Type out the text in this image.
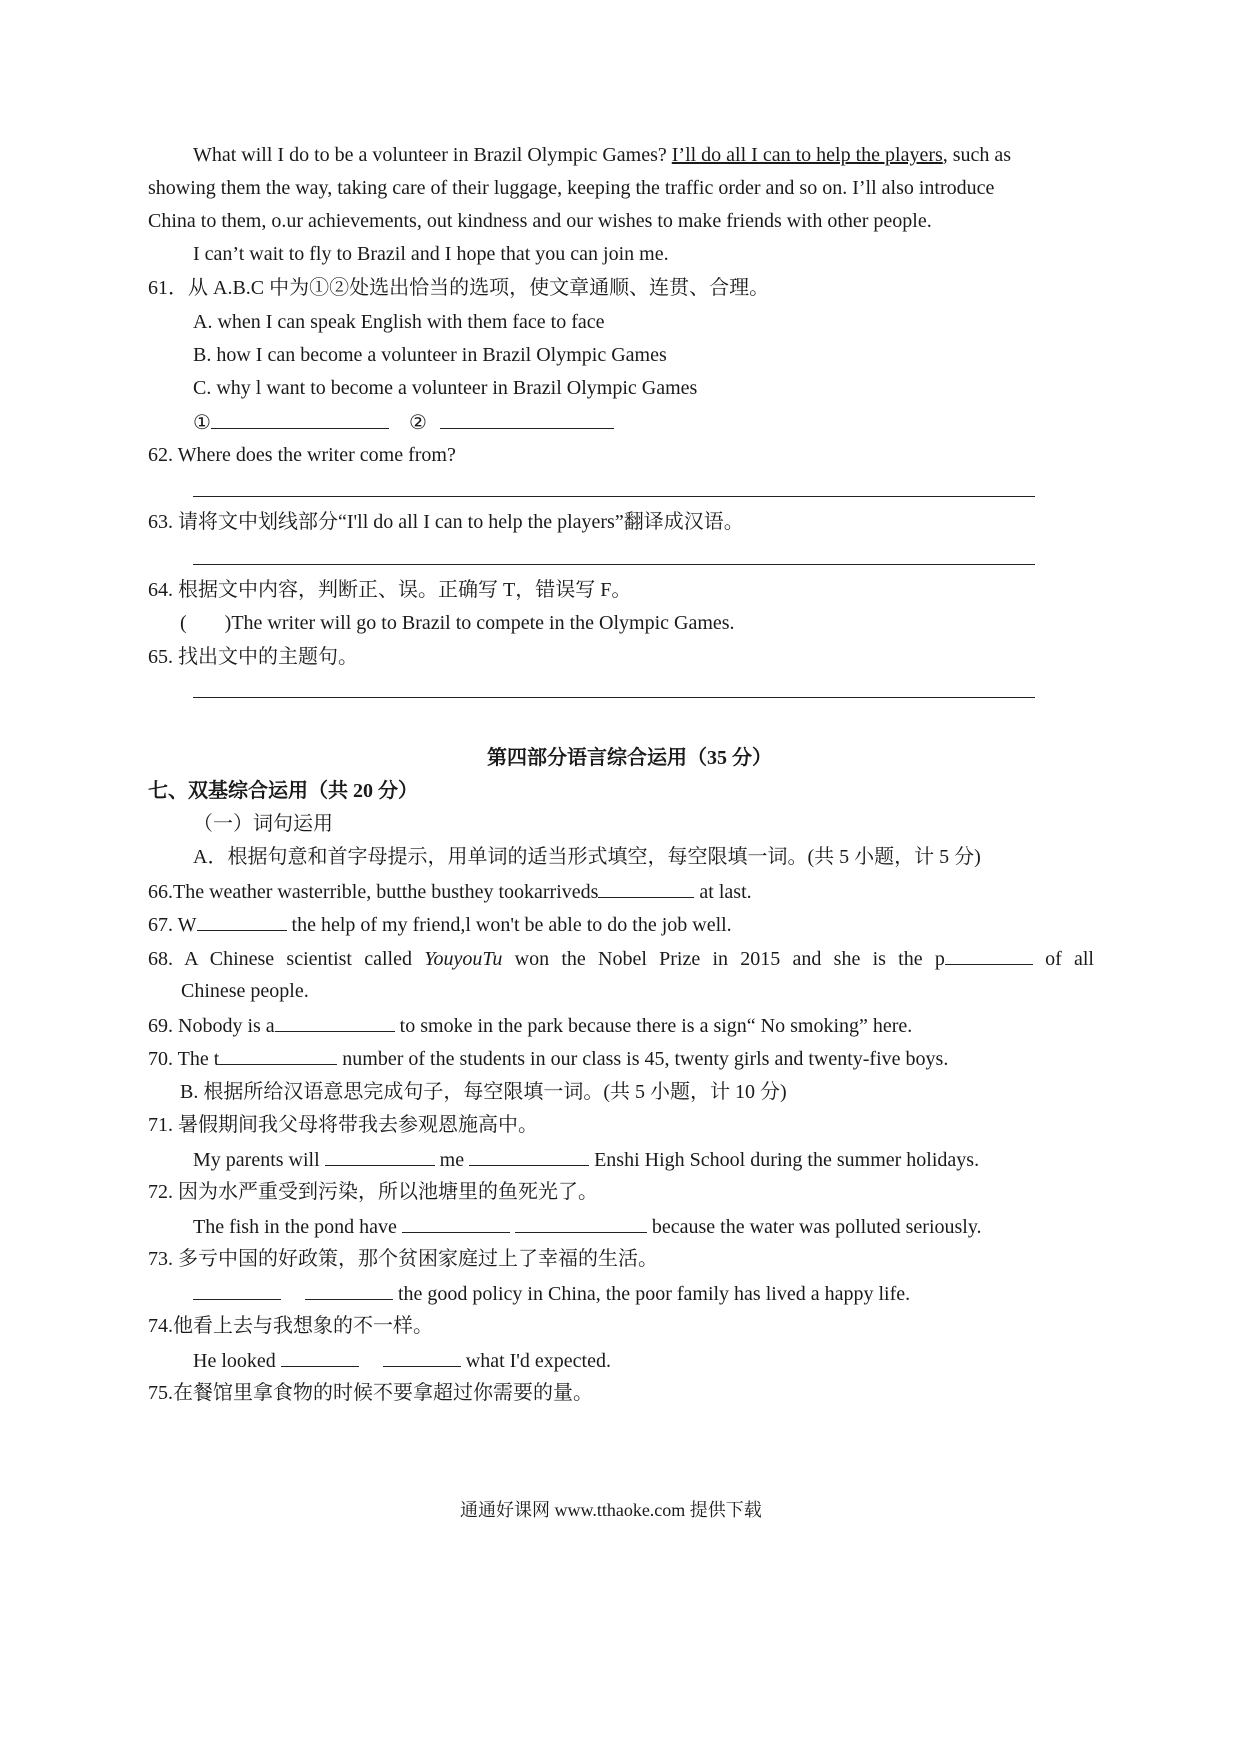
What will I do to be a volunteer in Brazil Olympic Games? I’ll do all I can to help the players, such as
showing them the way, taking care of their luggage, keeping the traffic order and so on. I’ll also introduce
China to them, o.ur achievements, out kindness and our wishes to make friends with other people.
I can’t wait to fly to Brazil and I hope that you can join me.
61．从 A.B.C 中为①②处选出恰当的选项，使文章通顺、连贯、合理。
A. when I can speak English with them face to face
B. how I can become a volunteer in Brazil Olympic Games
C. why l want to become a volunteer in Brazil Olympic Games
①	②
62. Where does the writer come from?
63. 请将文中划线部分“I'll do all I can to help the players”翻译成汉语。
64. 根据文中内容，判断正、误。正确写 T，错误写 F。
( )The writer will go to Brazil to compete in the Olympic Games.
65. 找出文中的主题句。
第四部分语言综合运用（35 分）
七、双基综合运用（共 20 分）
（一）词句运用
A．根据句意和首字母提示，用单词的适当形式填空，每空限填一词。(共 5 小题，计 5 分)
66.The weather wasterrible, butthe busthey tookarriveds	at last.
67. W	the help of my friend,l won't be able to do the job well.
68. A Chinese scientist called YouyouTu won the Nobel Prize in 2015 and she is the p	of all
Chinese people.
69. Nobody is a	to smoke in the park because there is a sign“ No smoking” here.
70. The t	number of the students in our class is 45, twenty girls and twenty-five boys.
B. 根据所给汉语意思完成句子，每空限填一词。(共 5 小题，计 10 分)
71. 暑假期间我父母将带我去参观恩施高中。
My parents will	me	Enshi High School during the summer holidays.
72. 因为水严重受到污染，所以池塘里的鱼死光了。
The fish in the pond have	because the water was polluted seriously.
73. 多亏中国的好政策，那个贫困家庭过上了幸福的生活。
the good policy in China, the poor family has lived a happy life.
74.他看上去与我想象的不一样。
He looked	what I'd expected.
75.在餐馆里拿食物的时候不要拿超过你需要的量。
通通好课网 www.tthaoke.com 提供下载
